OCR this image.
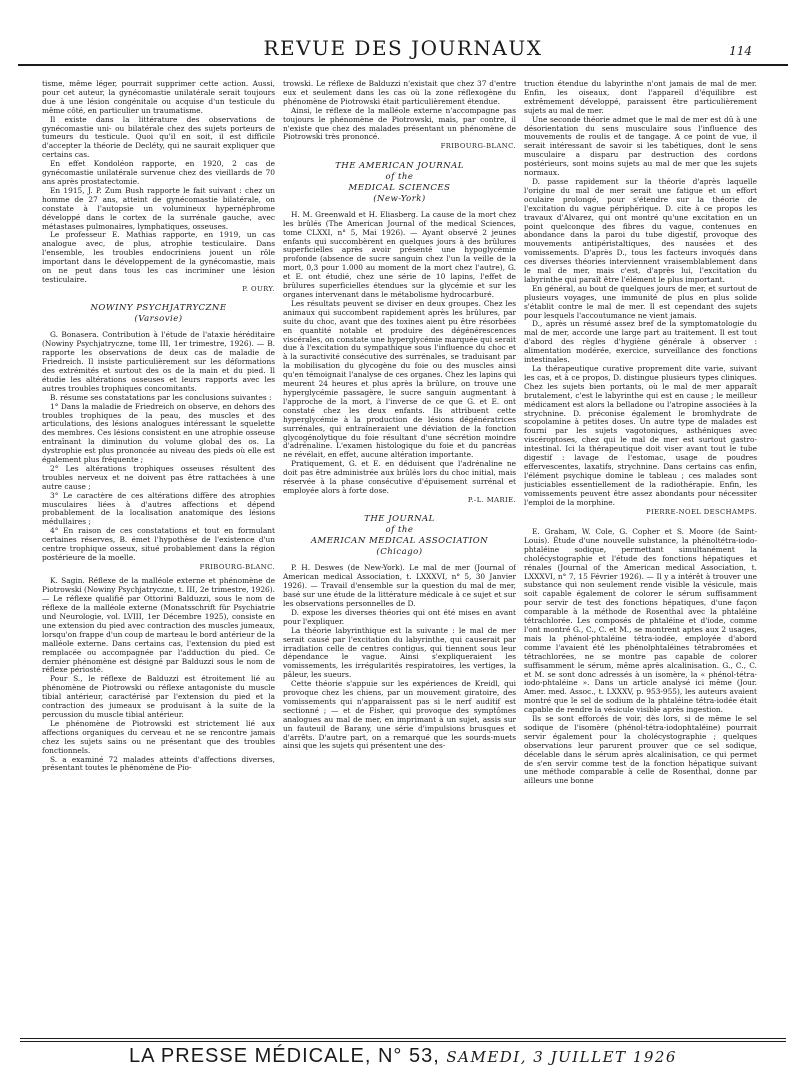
REVUE DES JOURNAUX	114

tisme, même léger, pourrait supprimer cette action. Aussi, pour cet auteur, la gynécomastie unilatérale serait toujours due à une lésion congénitale ou acquise d'un testicule du même côté, en particulier un traumatisme.

Il existe dans la littérature des observations de gynécomastie uni- ou bilatérale chez des sujets porteurs de tumeurs du testicule. Quoi qu'il en soit, il est difficile d'accepter la théorie de Decléty, qui ne saurait expliquer que certains cas.

En effet Kondoléon rapporte, en 1920, 2 cas de gynécomastie unilatérale survenue chez des vieillards de 70 ans après prostatectomie.

En 1915, J. P. Zum Bush rapporte le fait suivant : chez un homme de 27 ans, atteint de gynécomastie bilatérale, on constate à l'autopsie un volumineux hypernéphrome développé dans le cortex de la surrénale gauche, avec métastases pulmonaires, lymphatiques, osseuses.

Le professeur E. Mathias rapporte, en 1919, un cas analogue avec, de plus, atrophie testiculaire. Dans l'ensemble, les troubles endocriniens jouent un rôle important dans le développement de la gynécomastie, mais on ne peut dans tous les cas incriminer une lésion testiculaire.

P. OURY.
NOWINY PSYCHJATRYCZNE
(Varsovie)

G. Bonasera. Contribution à l'étude de l'ataxie héréditaire (Nowiny Psychjatryczne, tome III, 1er trimestre, 1926). — B. rapporte les observations de deux cas de maladie de Friedreich. Il insiste particulièrement sur les déformations des extrémités et surtout des os de la main et du pied. Il étudie les altérations osseuses et leurs rapports avec les autres troubles trophiques concomitants.

B. résume ses constatations par les conclusions suivantes :

1° Dans la maladie de Friedreich on observe, en dehors des troubles trophiques de la peau, des muscles et des articulations, des lésions analogues intéressant le squelette des membres. Ces lésions consistent en une atrophie osseuse entraînant la diminution du volume global des os. La dystrophie est plus prononcée au niveau des pieds où elle est également plus fréquente ;

2° Les altérations trophiques osseuses résultent des troubles nerveux et ne doivent pas être rattachées à une autre cause ;

3° Le caractère de ces altérations diffère des atrophies musculaires liées à d'autres affections et dépend probablement de la localisation anatomique des lésions médullaires ;

4° En raison de ces constatations et tout en formulant certaines réserves, B. émet l'hypothèse de l'existence d'un centre trophique osseux, situé probablement dans la région postérieure de la moelle.

FRIBOURG-BLANC.

K. Sagin. Réflexe de la malléole externe et phénomène de Piotrowski (Nowiny Psychjatryczne, t. III, 2e trimestre, 1926). — Le réflexe qualifié par Ottorini Balduzzi, sous le nom de réflexe de la malléole externe (Monatsschrift für Psychiatrie und Neurologie, vol. LVIII, 1er Décembre 1925), consiste en une extension du pied avec contraction des muscles jumeaux, lorsqu'on frappe d'un coup de marteau le bord antérieur de la malléole externe. Dans certains cas, l'extension du pied est remplacée ou accompagnée par l'adduction du pied. Ce dernier phénomène est désigné par Balduzzi sous le nom de réflexe périosté.

Pour S., le réflexe de Balduzzi est étroitement lié au phénomène de Piotrowski ou réflexe antagoniste du muscle tibial antérieur, caractérisé par l'extension du pied et la contraction des jumeaux se produisant à la suite de la percussion du muscle tibial antérieur.

Le phénomène de Piotrowski est strictement lié aux affections organiques du cerveau et ne se rencontre jamais chez les sujets sains ou ne présentant que des troubles fonctionnels.

S. a examiné 72 malades atteints d'affections diverses, présentant toutes le phénomène de Pio-

trowski. Le réflexe de Balduzzi n'existait que chez 37 d'entre eux et seulement dans les cas où la zone réflexogène du phénomène de Piotrowski était particulièrement étendue.

Ainsi, le réflexe de la malléole externe n'accompagne pas toujours le phénomène de Piotrowski, mais, par contre, il n'existe que chez des malades présentant un phénomène de Piotrowski très prononcé.

FRIBOURG-BLANC.
THE AMERICAN JOURNAL
of the
MEDICAL SCIENCES
(New-York)

H. M. Greenwald et H. Eliasberg. La cause de la mort chez les brûlés (The American Journal of the medical Sciences, tome CLXXI, n° 5, Mai 1926). — Ayant observé 2 jeunes enfants qui succombèrent en quelques jours à des brûlures superficielles après avoir présenté une hypoglycémie profonde (absence de sucre sanguin chez l'un la veille de la mort, 0,3 pour 1.000 au moment de la mort chez l'autre), G. et E. ont étudié, chez une série de 10 lapins, l'effet de brûlures superficielles étendues sur la glycémie et sur les organes intervenant dans le métabolisme hydrocarburé.

Les résultats peuvent se diviser en deux groupes. Chez les animaux qui succombent rapidement après les brûlures, par suite du choc, avant que des toxines aient pu être résorbées en quantité notable et produire des dégénérescences viscérales, on constate une hyperglycémie marquée qui serait due à l'excitation du sympathique sous l'influence du choc et à la suractivité consécutive des surrénales, se traduisant par la mobilisation du glycogène du foie ou des muscles ainsi qu'en témoignait l'analyse de ces organes. Chez les lapins qui meurent 24 heures et plus après la brûlure, on trouve une hyperglycémie passagère, le sucre sanguin augmentant à l'approche de la mort, à l'inverse de ce que G. et E. ont constaté chez les deux enfants. Ils attribuent cette hyperglycémie à la production de lésions dégénératrices surrénales, qui entraîneraient une déviation de la fonction glycogénolytique du foie résultant d'une sécrétion moindre d'adrénaline. L'examen histologique du foie et du pancréas ne révélait, en effet, aucune altération importante.

Pratiquement, G. et E. en déduisent que l'adrénaline ne doit pas être administrée aux brûlés lors du choc initial, mais réservée à la phase consécutive d'épuisement surrénal et employée alors à forte dose.

P.-L. MARIE.
THE JOURNAL
of the
AMERICAN MEDICAL ASSOCIATION
(Chicago)

P. H. Deswes (de New-York). Le mal de mer (Journal of American medical Association, t. LXXXVI, n° 5, 30 Janvier 1926). — Travail d'ensemble sur la question du mal de mer, basé sur une étude de la littérature médicale à ce sujet et sur les observations personnelles de D.

D. expose les diverses théories qui ont été mises en avant pour l'expliquer.

La théorie labyrinthique est la suivante : le mal de mer serait causé par l'excitation du labyrinthe, qui causerait par irradiation celle de centres contigus, qui tiennent sous leur dépendance le vague. Ainsi s'expliqueraient les vomissements, les irrégularités respiratoires, les vertiges, la pâleur, les sueurs.

Cette théorie s'appuie sur les expériences de Kreidl, qui provoque chez les chiens, par un mouvement giratoire, des vomissements qui n'apparaissent pas si le nerf auditif est sectionné ; — et de Fisher, qui provoque des symptômes analogues au mal de mer, en imprimant à un sujet, assis sur un fauteuil de Barany, une série d'impulsions brusques et d'arrêts. D'autre part, on a remarqué que les sourds-muets ainsi que les sujets qui présentent une des-

truction étendue du labyrinthe n'ont jamais de mal de mer. Enfin, les oiseaux, dont l'appareil d'équilibre est extrêmement développé, paraissent être particulièrement sujets au mal de mer.

Une seconde théorie admet que le mal de mer est dû à une désorientation du sens musculaire sous l'influence des mouvements de roulis et de tangage. A ce point de vue, il serait intéressant de savoir si les tabétiques, dont le sens musculaire a disparu par destruction des cordons postérieurs, sont moins sujets au mal de mer que les sujets normaux.

D. passe rapidement sur la théorie d'après laquelle l'origine du mal de mer serait une fatigue et un effort oculaire prolongé, pour s'étendre sur la théorie de l'excitation du vague périphérique. D. cite à ce propos les travaux d'Alvarez, qui ont montré qu'une excitation en un point quelconque des fibres du vague, contenues en abondance dans la paroi du tube digestif, provoque des mouvements antipéristaltiques, des nausées et des vomissements. D'après D., tous les facteurs invoqués dans ces diverses théories interviennent vraisemblablement dans le mal de mer, mais c'est, d'après lui, l'excitation du labyrinthe qui paraît être l'élément le plus important.

En général, au bout de quelques jours de mer, et surtout de plusieurs voyages, une immunité de plus en plus solide s'établit contre le mal de mer. Il est cependant des sujets pour lesquels l'accoutumance ne vient jamais.

D., après un résumé assez bref de la symptomatologie du mal de mer, accorde une large part au traitement. Il est tout d'abord des règles d'hygiène générale à observer : alimentation modérée, exercice, surveillance des fonctions intestinales.

La thérapeutique curative proprement dite varie, suivant les cas, et à ce propos, D. distingue plusieurs types cliniques. Chez les sujets bien portants, où le mal de mer apparaît brutalement, c'est le labyrinthe qui est en cause ; le meilleur médicament est alors la belladone ou l'atropine associées à la strychnine. D. préconise également le bromhydrate de scopolamine à petites doses. Un autre type de malades est fourni par les sujets vagotoniques, asthéniques avec viscéroptoses, chez qui le mal de mer est surtout gastro-intestinal. Ici la thérapeutique doit viser avant tout le tube digestif : lavage de l'estomac, usage de poudres effervescentes, laxatifs, strychnine. Dans certains cas enfin, l'élément psychique domine le tableau ; ces malades sont justiciables essentiellement de la radiothérapie. Enfin, les vomissements peuvent être assez abondants pour nécessiter l'emploi de la morphine.

PIERRE-NOEL DESCHAMPS.

E. Graham, W. Cole, G. Copher et S. Moore (de Saint-Louis). Étude d'une nouvelle substance, la phénoltétra-iodo-phtaléine sodique, permettant simultanément la cholécystographie et l'étude des fonctions hépatiques et rénales (Journal of the American medical Association, t. LXXXVI, n° 7, 15 Février 1926). — Il y a intérêt à trouver une substance qui non seulement rende visible la vésicule, mais soit capable également de colorer le sérum suffisamment pour servir de test des fonctions hépatiques, d'une façon comparable à la méthode de Rosenthal avec la phtaléine tétrachlorée. Les composés de phtaléine et d'iode, comme l'ont montré G., C., C. et M., se montrent aptes aux 2 usages, mais la phénol-phtaléine tétra-iodée, employée d'abord comme l'avaient été les phénolphtaléines tétrabromées et tétrachlorées, ne se montre pas capable de colorer suffisamment le sérum, même après alcalinisation. G., C., C. et M. se sont donc adressés à un isomère, la « phénol-tétra-iodo-phtaléine ». Dans un article analysé ici même (Jour. Amer. med. Assoc., t. LXXXV, p. 953-955), les auteurs avaient montré que le sel de sodium de la phtaléine tétra-iodée était capable de rendre la vésicule visible après ingestion.

Ils se sont efforcés de voir, dès lors, si de même le sel sodique de l'isomère (phénol-tétra-iodophtaléine) pourrait servir également pour la cholécystographie ; quelques observations leur parurent prouver que ce sel sodique, décelable dans le sérum après alcalinisation, ce qui permet de s'en servir comme test de la fonction hépatique suivant une méthode comparable à celle de Rosenthal, donne par ailleurs une bonne

LA PRESSE MÉDICALE, N° 53, SAMEDI, 3 JUILLET 1926
